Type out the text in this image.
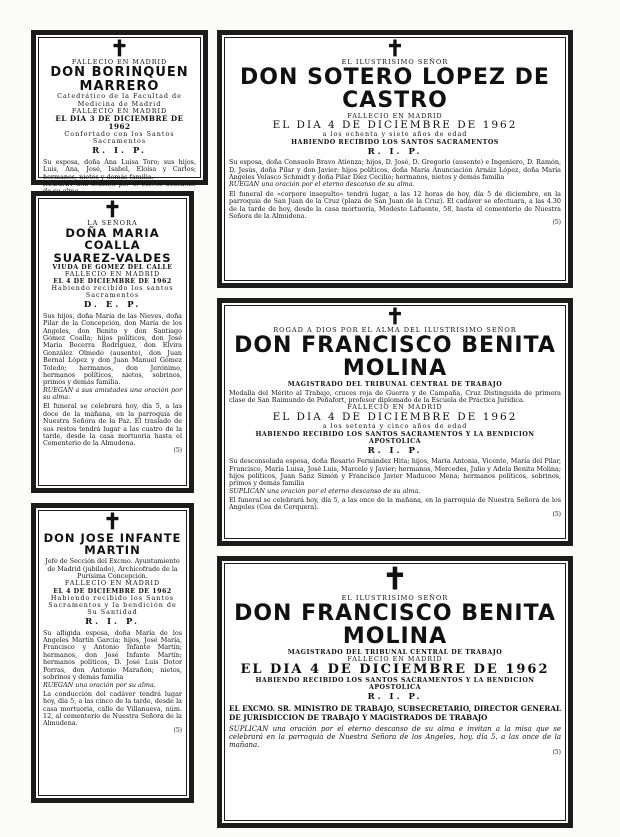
✝
FALLECIO EN MADRID
DON BORINQUEN MARRERO
Catedrático de la Facultad de Medicina de Madrid
FALLECIO EN MADRID
EL DIA 3 DE DICIEMBRE DE 1962
Confortado con los Santos Sacramentos
R. I. P.
Su esposa, doña Ana Luisa Toro; sus hijos, Luis, Ana, José, Isabel, Eloísa y Carlos; hermanos, nietos y demás familia.
RUEGAN una oración por el eterno descanso
✝
EL ILUSTRISIMO SEÑOR
DON SOTERO LOPEZ DE CASTRO
FALLECIO EN MADRID
EL DIA 4 DE DICIEMBRE DE 1962
a los ochenta y siete años de edad
HABIENDO RECIBIDO LOS SANTOS SACRAMENTOS
R. I. P.
Su esposa, doña Consuelo Bravo Atienza; hijos, D. José, D. Gregorio (ausente) e Ingeniero, D. Ramón, D. Jesús, doña Pilar y don Javier; hijos políticos, doña María Anunciación Arnáiz López, doña María Angeles Velasco Schmidt y doña Pilar Díez Cecilio; hermanos, nietos y demás familia
RUEGAN una oración por el eterno descanso de su alma.
El funeral de «corpore insepulto» tendrá lugar, a las 12 horas de hoy, día 5 de diciembre, en la parroquia de San Juan de la Cruz (plaza de San Juan de la Cruz). El cadáver se efectuará, a las 4.30 de la tarde de hoy, desde la casa mortuoria, Modesto Lafuente, 58, hasta el cementerio de Nuestra Señora de la Almudena.
(5)
✝
LA SEÑORA
DOÑA MARIA COALLA
SUAREZ-VALDES
VIUDA DE GOMEZ DEL CALLE
FALLECIO EN MADRID
EL 4 DE DICIEMBRE DE 1962
Habiendo recibido los santos Sacramentos
D. E. P.
Sus hijos, doña María de las Nieves, doña Pilar de la Concepción, don María de los Angeles, don Benito y don Santiago Gómez Coalla; hijos políticos, don José María Becerra Rodríguez, don Elvira González Olmedo (ausente), don Juan Bernal López y don Juan Manuel Gómez Toledo; hermanos, don Jerónimo, hermanos políticos, nietos, sobrinos, primos y demás familia.
RUEGAN a sus amistades una oración por su alma.
El funeral se celebrará hoy, día 5, a las doce de la mañana, en la parroquia de Nuestra Señora de la Paz. El traslado de sus restos tendrá lugar a las cuatro de la tarde, desde la casa mortuoria hasta el Cementerio de la Almudena.
(5)
✝
ROGAD A DIOS POR EL ALMA DEL ILUSTRISIMO SEÑOR
DON FRANCISCO BENITA MOLINA
MAGISTRADO DEL TRIBUNAL CENTRAL DE TRABAJO
Medalla del Mérito al Trabajo, cruces roja de Guerra y de Campaña, Cruz Distinguida de primera clase de San Raimundo de Peñafort, profesor diplomado de la Escuela de Práctica Jurídica.
FALLECIO EN MADRID
EL DIA 4 DE DICIEMBRE DE 1962
a los setenta y cinco años de edad
HABIENDO RECIBIDO LOS SANTOS SACRAMENTOS Y LA BENDICION APOSTOLICA
R. I. P.
Su desconsolada esposa, doña Rosario Fernández Hita; hijos, María Antonia, Vicente, María del Pilar, Francisco, María Luisa, José Luis, Marcelo y Javier; hermanos, Mercedes, Julio y Adela Benita Molina; hijos políticos, Juan Sanz Simón y Francisco Javier Maduceo Mena; hermanos políticos, sobrinos, primos y demás familia
SUPLICAN una oración por el eterno descanso de su alma.
El funeral se celebrará hoy, día 5, a las once de la mañana, en la parroquia de Nuestra Señora de los Angeles (Cea de Cerquera).
(5)
✝
DON JOSE INFANTE
MARTIN
Jefe de Sección del Excmo. Ayuntamiento de Madrid (jubilado), Archicofrade de la Purísima Concepción.
FALLECIO EN MADRID
EL 4 DE DICIEMBRE DE 1962
Habiendo recibido los Santos Sacramentos y la bendición de Su Santidad
R. I. P.
Su afligida esposa, doña María de los Angeles Martín García; hijos, José María, Francisco y Antonio Infante Martín; hermanos, don José Infante Martín; hermanos políticos, D. José Luis Dotor Porras, don Antonio Marañón; nietos, sobrinos y demás familia
RUEGAN una oración por su alma.
La conducción del cadáver tendrá lugar hoy, día 5, a las cinco de la tarde, desde la casa mortuoria, calle de Villanueva, núm. 12, al cementerio de Nuestra Señora de la Almudena.
(5)
✝
EL ILUSTRISIMO SEÑOR
DON FRANCISCO BENITA MOLINA
MAGISTRADO DEL TRIBUNAL CENTRAL DE TRABAJO
FALLECIO EN MADRID
EL DIA 4 DE DICIEMBRE DE 1962
HABIENDO RECIBIDO LOS SANTOS SACRAMENTOS Y LA BENDICION APOSTOLICA
R. I. P.
EL EXCMO. SR. MINISTRO DE TRABAJO, SUBSECRETARIO, DIRECTOR GENERAL DE JURISDICCION DE TRABAJO Y MAGISTRADOS DE TRABAJO
SUPLICAN una oración por el eterno descanso de su alma e invitan a la misa que se celebrará en la parroquia de Nuestra Señora de los Angeles, hoy, día 5, a las once de la mañana.
(5)
